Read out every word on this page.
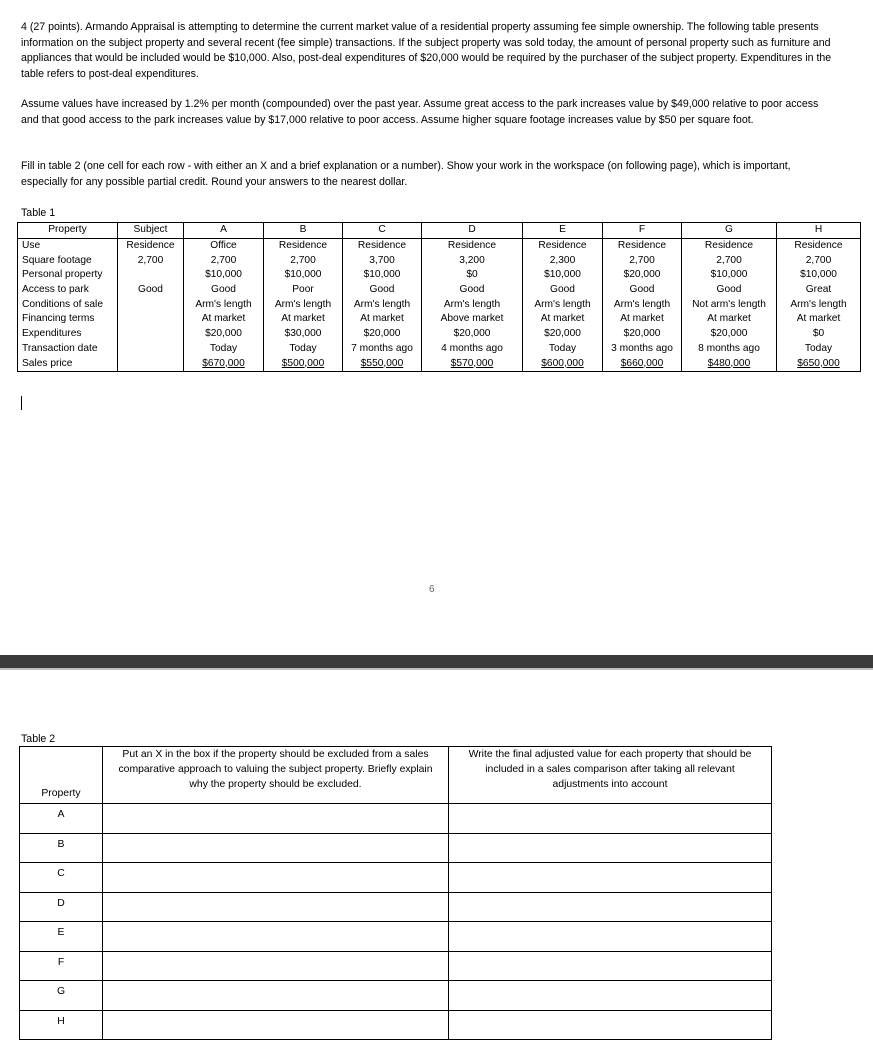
4 (27 points). Armando Appraisal is attempting to determine the current market value of a residential property assuming fee simple ownership. The following table presents information on the subject property and several recent (fee simple) transactions. If the subject property was sold today, the amount of personal property such as furniture and appliances that would be included would be $10,000. Also, post-deal expenditures of $20,000 would be required by the purchaser of the subject property. Expenditures in the table refers to post-deal expenditures.
Assume values have increased by 1.2% per month (compounded) over the past year. Assume great access to the park increases value by $49,000 relative to poor access and that good access to the park increases value by $17,000 relative to poor access. Assume higher square footage increases value by $50 per square foot.
Fill in table 2 (one cell for each row - with either an X and a brief explanation or a number). Show your work in the workspace (on following page), which is important, especially for any possible partial credit. Round your answers to the nearest dollar.
Table 1
Property	Subject	A	B	C	D	E	F	G	H
Use	Residence	Office	Residence	Residence	Residence	Residence	Residence	Residence	Residence
Square footage	2,700	2,700	2,700	3,700	3,200	2,300	2,700	2,700	2,700
Personal property		$10,000	$10,000	$10,000	$0	$10,000	$20,000	$10,000	$10,000
Access to park	Good	Good	Poor	Good	Good	Good	Good	Good	Great
Conditions of sale		Arm's length	Arm's length	Arm's length	Arm's length	Arm's length	Arm's length	Not arm's length	Arm's length
Financing terms		At market	At market	At market	Above market	At market	At market	At market	At market
Expenditures		$20,000	$30,000	$20,000	$20,000	$20,000	$20,000	$20,000	$0
Transaction date		Today	Today	7 months ago	4 months ago	Today	3 months ago	8 months ago	Today
Sales price		$670,000	$500,000	$550,000	$570,000	$600,000	$660,000	$480,000	$650,000
6
Table 2
Property	Put an X in the box if the property should be excluded from a sales comparative approach to valuing the subject property. Briefly explain why the property should be excluded.	Write the final adjusted value for each property that should be included in a sales comparison after taking all relevant adjustments into account

A		
B		
C		
D		
E		
F		
G		
H		
